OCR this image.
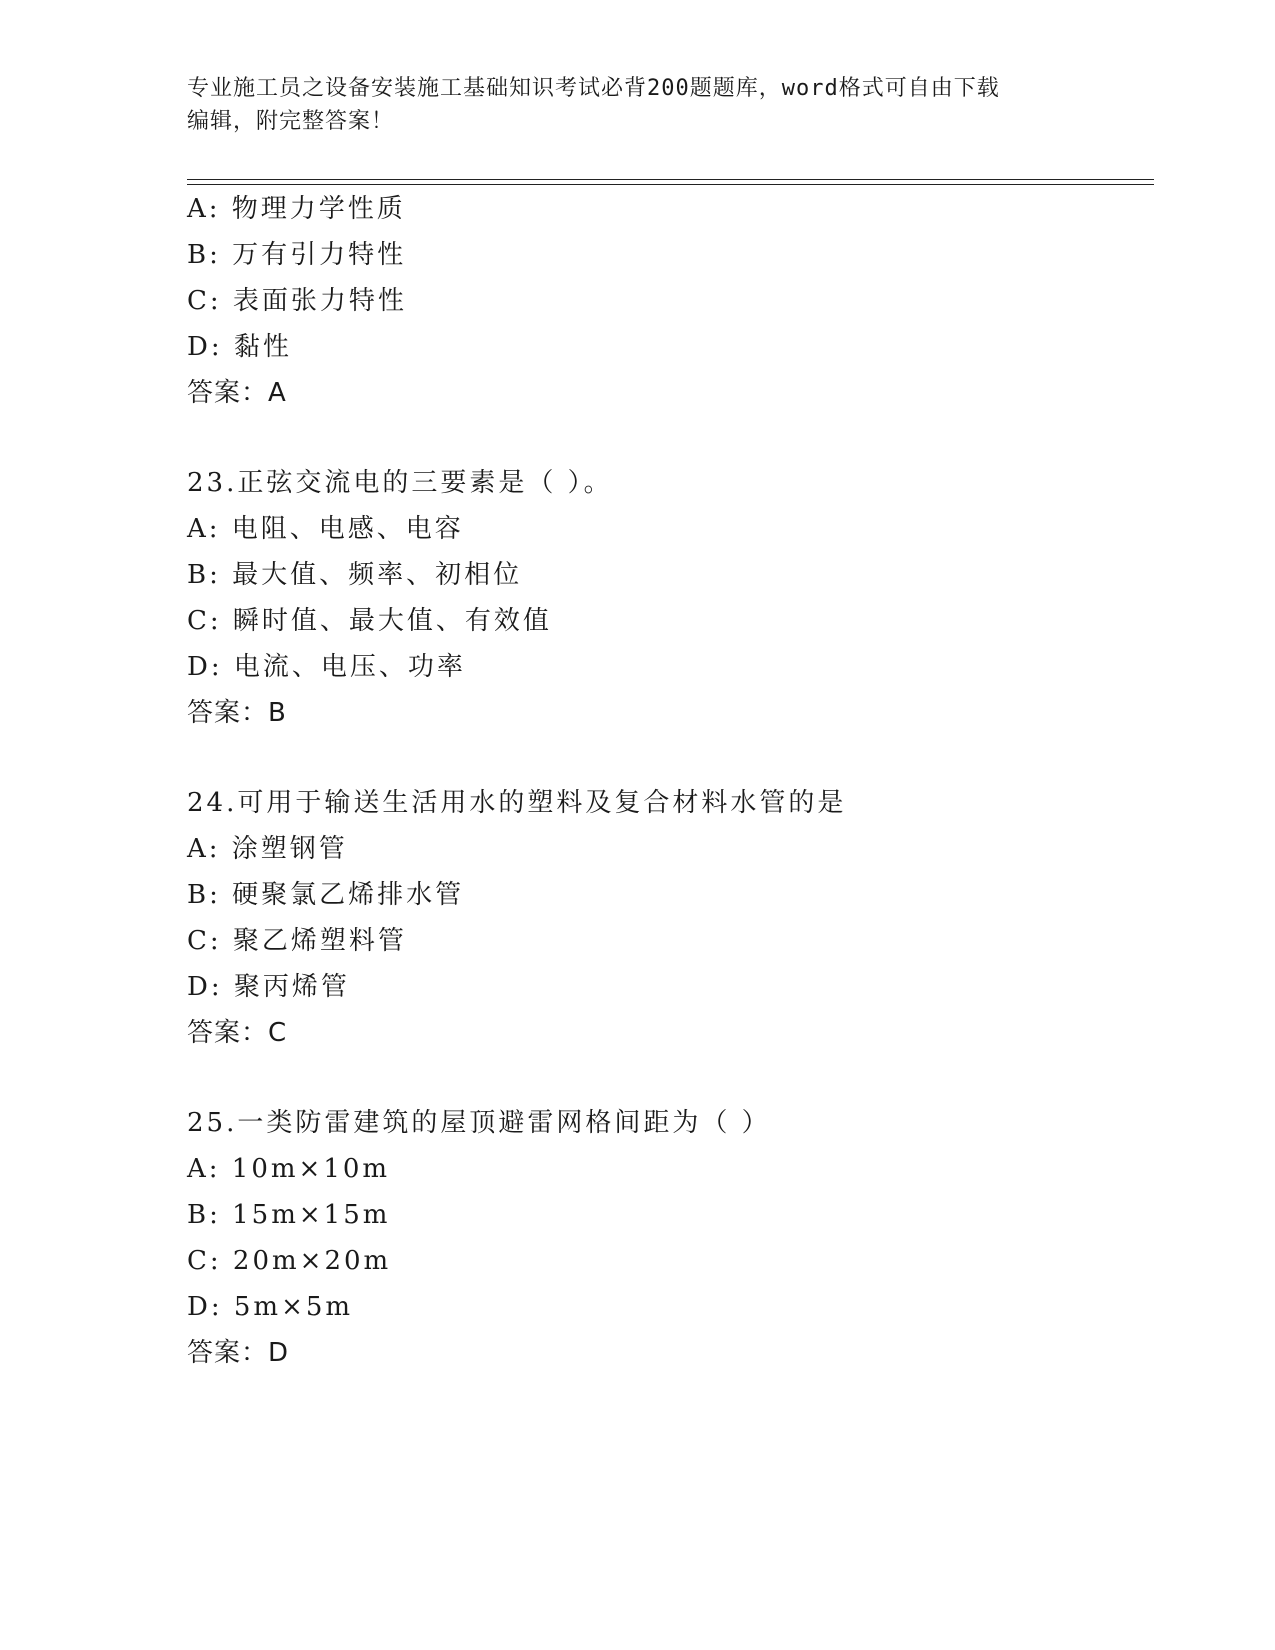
专业施工员之设备安装施工基础知识考试必背200题题库，word格式可自由下载
编辑，附完整答案！
A: 物理力学性质
B: 万有引力特性
C: 表面张力特性
D: 黏性
答案：A
23.正弦交流电的三要素是（ ）。
A: 电阻、电感、电容
B: 最大值、频率、初相位
C: 瞬时值、最大值、有效值
D: 电流、电压、功率
答案：B
24.可用于输送生活用水的塑料及复合材料水管的是
A: 涂塑钢管
B: 硬聚氯乙烯排水管
C: 聚乙烯塑料管
D: 聚丙烯管
答案：C
25.一类防雷建筑的屋顶避雷网格间距为（ ）
A: 10m×10m
B: 15m×15m
C: 20m×20m
D: 5m×5m
答案：D
